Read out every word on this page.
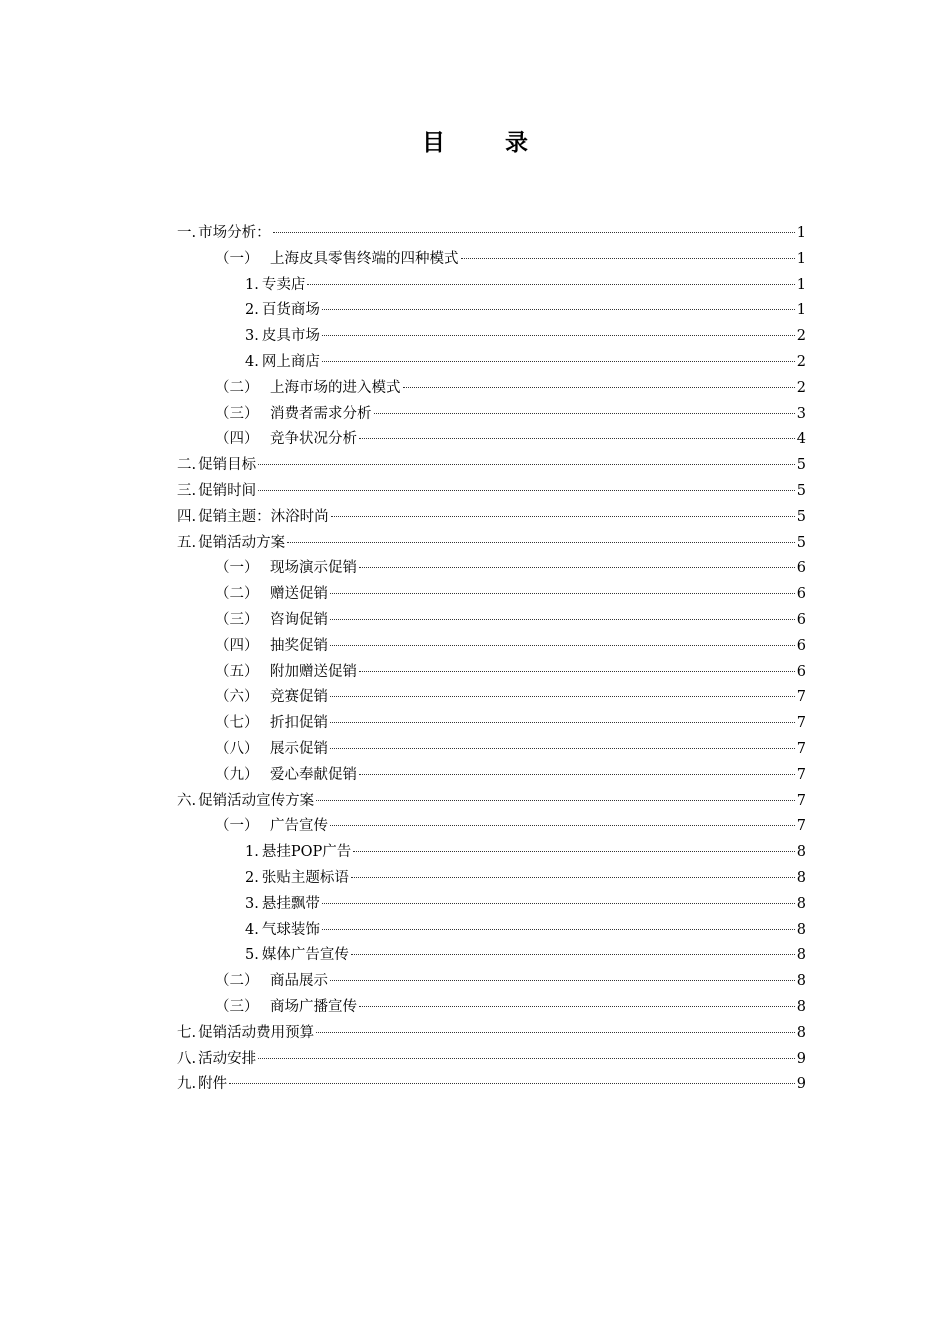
目 录
一. 市场分析：	1
（一） 上海皮具零售终端的四种模式	1
1. 专卖店	1
2. 百货商场	1
3. 皮具市场	2
4. 网上商店	2
（二） 上海市场的进入模式	2
（三） 消费者需求分析	3
（四） 竞争状况分析	4
二. 促销目标	5
三. 促销时间	5
四. 促销主题：沐浴时尚	5
五. 促销活动方案	5
（一） 现场演示促销	6
（二） 赠送促销	6
（三） 咨询促销	6
（四） 抽奖促销	6
（五） 附加赠送促销	6
（六） 竞赛促销	7
（七） 折扣促销	7
（八） 展示促销	7
（九） 爱心奉献促销	7
六. 促销活动宣传方案	7
（一） 广告宣传	7
1. 悬挂POP广告	8
2. 张贴主题标语	8
3. 悬挂飘带	8
4. 气球装饰	8
5. 媒体广告宣传	8
（二） 商品展示	8
（三） 商场广播宣传	8
七. 促销活动费用预算	8
八. 活动安排	9
九. 附件	9
